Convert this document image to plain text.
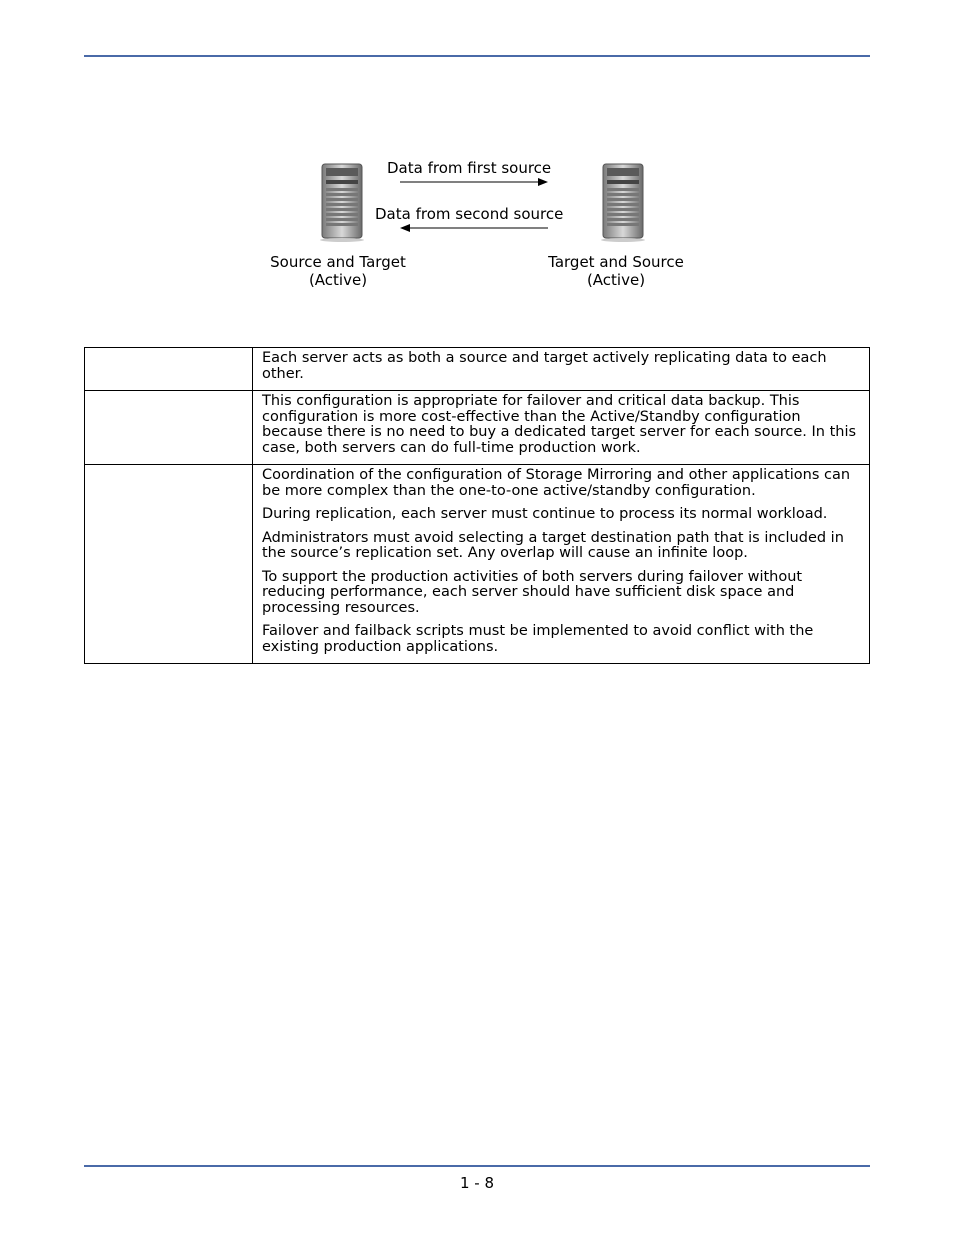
Data from first source
Data from second source
Source and Target
(Active)
Target and Source
(Active)

	Each server acts as both a source and target actively replicating data to each other.

	This configuration is appropriate for failover and critical data backup. This configuration is more cost-effective than the Active/Standby configuration because there is no need to buy a dedicated target server for each source. In this case, both servers can do full-time production work.

	Coordination of the configuration of Storage Mirroring and other applications can be more complex than the one-to-one active/standby configuration.

During replication, each server must continue to process its normal workload.

Administrators must avoid selecting a target destination path that is included in the source’s replication set. Any overlap will cause an infinite loop.

To support the production activities of both servers during failover without reducing performance, each server should have sufficient disk space and processing resources.

Failover and failback scripts must be implemented to avoid conflict with the existing production applications.

1 - 8
